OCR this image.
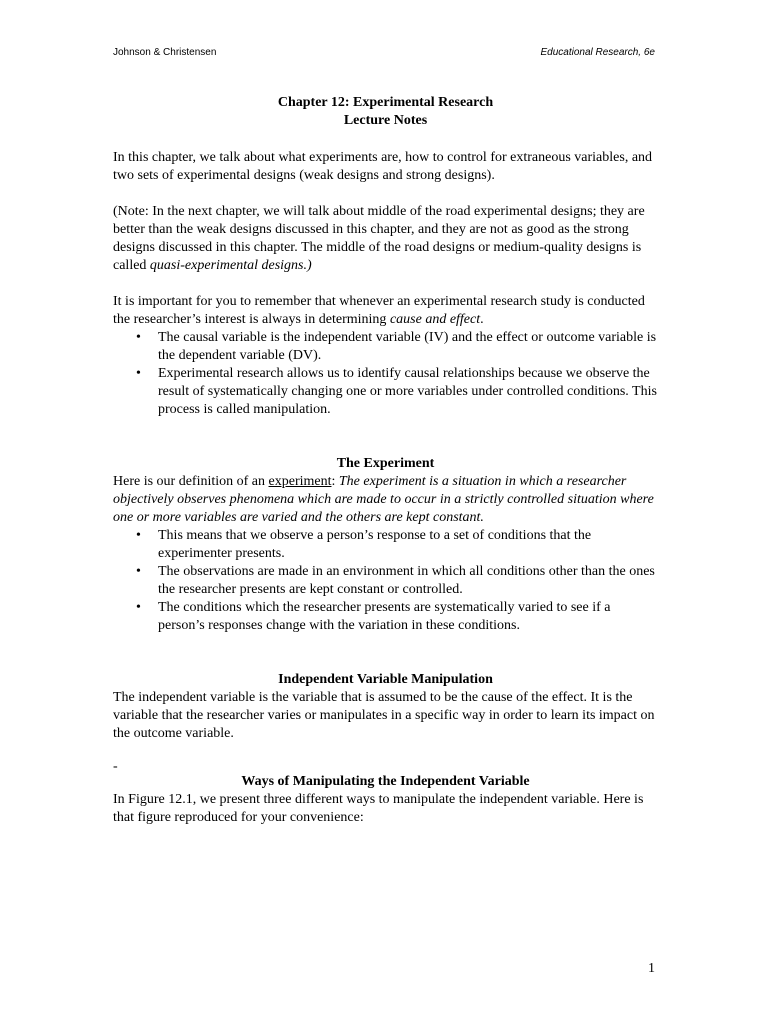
Johnson & Christensen	Educational Research, 6e

Chapter 12: Experimental Research

Lecture Notes

In this chapter, we talk about what experiments are, how to control for extraneous variables, and two sets of experimental designs (weak designs and strong designs).

(Note: In the next chapter, we will talk about middle of the road experimental designs; they are better than the weak designs discussed in this chapter, and they are not as good as the strong designs discussed in this chapter. The middle of the road designs or medium-quality designs is called quasi-experimental designs.)

It is important for you to remember that whenever an experimental research study is conducted the researcher’s interest is always in determining cause and effect.

• The causal variable is the independent variable (IV) and the effect or outcome variable is the dependent variable (DV).
• Experimental research allows us to identify causal relationships because we observe the result of systematically changing one or more variables under controlled conditions. This process is called manipulation.
The Experiment

Here is our definition of an experiment: The experiment is a situation in which a researcher objectively observes phenomena which are made to occur in a strictly controlled situation where one or more variables are varied and the others are kept constant.

• This means that we observe a person’s response to a set of conditions that the experimenter presents.
• The observations are made in an environment in which all conditions other than the ones the researcher presents are kept constant or controlled.
• The conditions which the researcher presents are systematically varied to see if a person’s responses change with the variation in these conditions.
Independent Variable Manipulation

The independent variable is the variable that is assumed to be the cause of the effect. It is the variable that the researcher varies or manipulates in a specific way in order to learn its impact on the outcome variable.

-

Ways of Manipulating the Independent Variable

In Figure 12.1, we present three different ways to manipulate the independent variable. Here is that figure reproduced for your convenience:

1
